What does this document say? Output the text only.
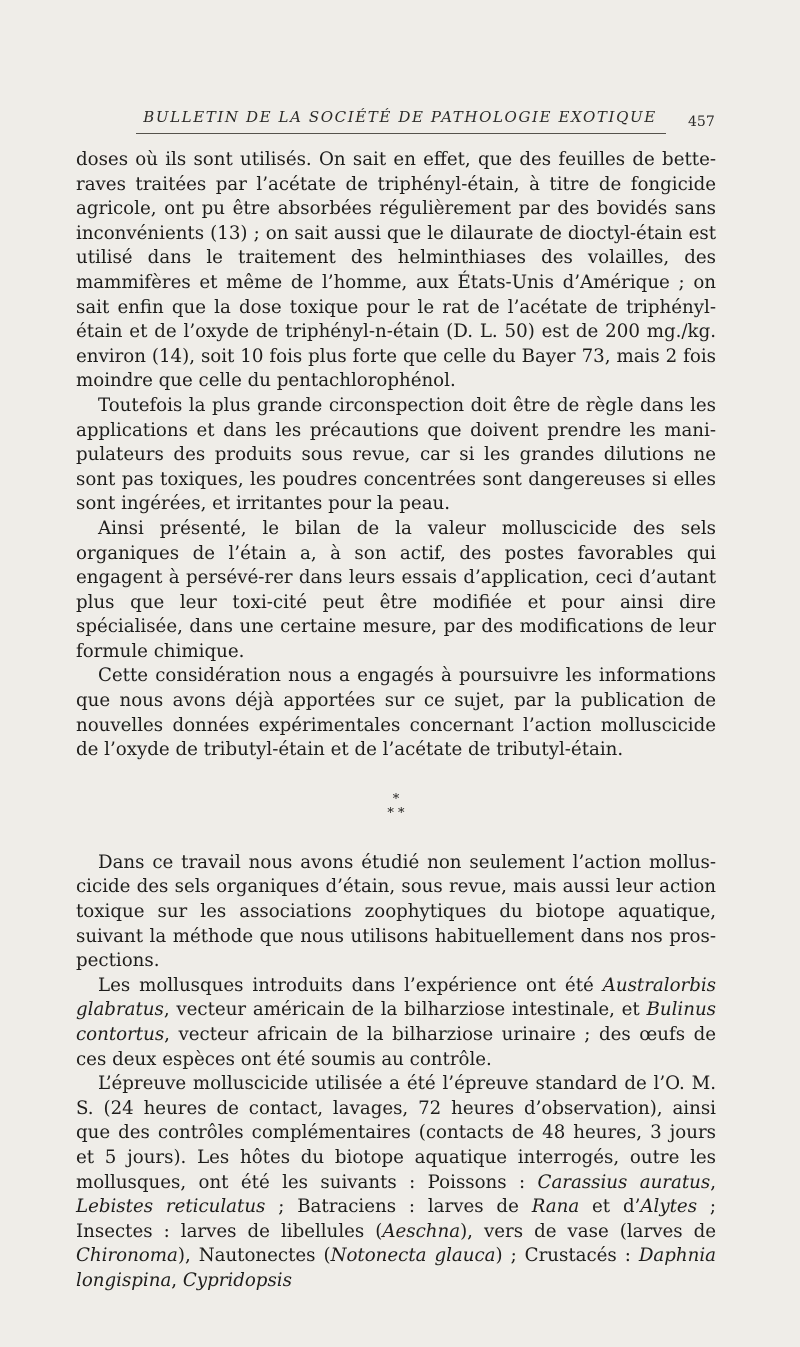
BULLETIN DE LA SOCIÉTÉ DE PATHOLOGIE EXOTIQUE 457

doses où ils sont utilisés. On sait en effet, que des feuilles de bette-raves traitées par l’acétate de triphényl-étain, à titre de fongicide agricole, ont pu être absorbées régulièrement par des bovidés sans inconvénients (13) ; on sait aussi que le dilaurate de dioctyl-étain est utilisé dans le traitement des helminthiases des volailles, des mammifères et même de l’homme, aux États-Unis d’Amérique ; on sait enfin que la dose toxique pour le rat de l’acétate de triphényl-étain et de l’oxyde de triphényl-n-étain (D. L. 50) est de 200 mg./kg. environ (14), soit 10 fois plus forte que celle du Bayer 73, mais 2 fois moindre que celle du pentachlorophénol.

Toutefois la plus grande circonspection doit être de règle dans les applications et dans les précautions que doivent prendre les mani-pulateurs des produits sous revue, car si les grandes dilutions ne sont pas toxiques, les poudres concentrées sont dangereuses si elles sont ingérées, et irritantes pour la peau.

Ainsi présenté, le bilan de la valeur molluscicide des sels organiques de l’étain a, à son actif, des postes favorables qui engagent à persévé-rer dans leurs essais d’application, ceci d’autant plus que leur toxi-cité peut être modifiée et pour ainsi dire spécialisée, dans une certaine mesure, par des modifications de leur formule chimique.

Cette considération nous a engagés à poursuivre les informations que nous avons déjà apportées sur ce sujet, par la publication de nouvelles données expérimentales concernant l’action molluscicide de l’oxyde de tributyl-étain et de l’acétate de tributyl-étain.

*
* *

Dans ce travail nous avons étudié non seulement l’action mollus-cicide des sels organiques d’étain, sous revue, mais aussi leur action toxique sur les associations zoophytiques du biotope aquatique, suivant la méthode que nous utilisons habituellement dans nos pros-pections.

Les mollusques introduits dans l’expérience ont été Australorbis glabratus, vecteur américain de la bilharziose intestinale, et Bulinus contortus, vecteur africain de la bilharziose urinaire ; des œufs de ces deux espèces ont été soumis au contrôle.

L’épreuve molluscicide utilisée a été l’épreuve standard de l’O. M. S. (24 heures de contact, lavages, 72 heures d’observation), ainsi que des contrôles complémentaires (contacts de 48 heures, 3 jours et 5 jours). Les hôtes du biotope aquatique interrogés, outre les mollusques, ont été les suivants : Poissons : Carassius auratus, Lebistes reticulatus ; Batraciens : larves de Rana et d’Alytes ; Insectes : larves de libellules (Aeschna), vers de vase (larves de Chironoma), Nautonectes (Notonecta glauca) ; Crustacés : Daphnia longispina, Cypridopsis
